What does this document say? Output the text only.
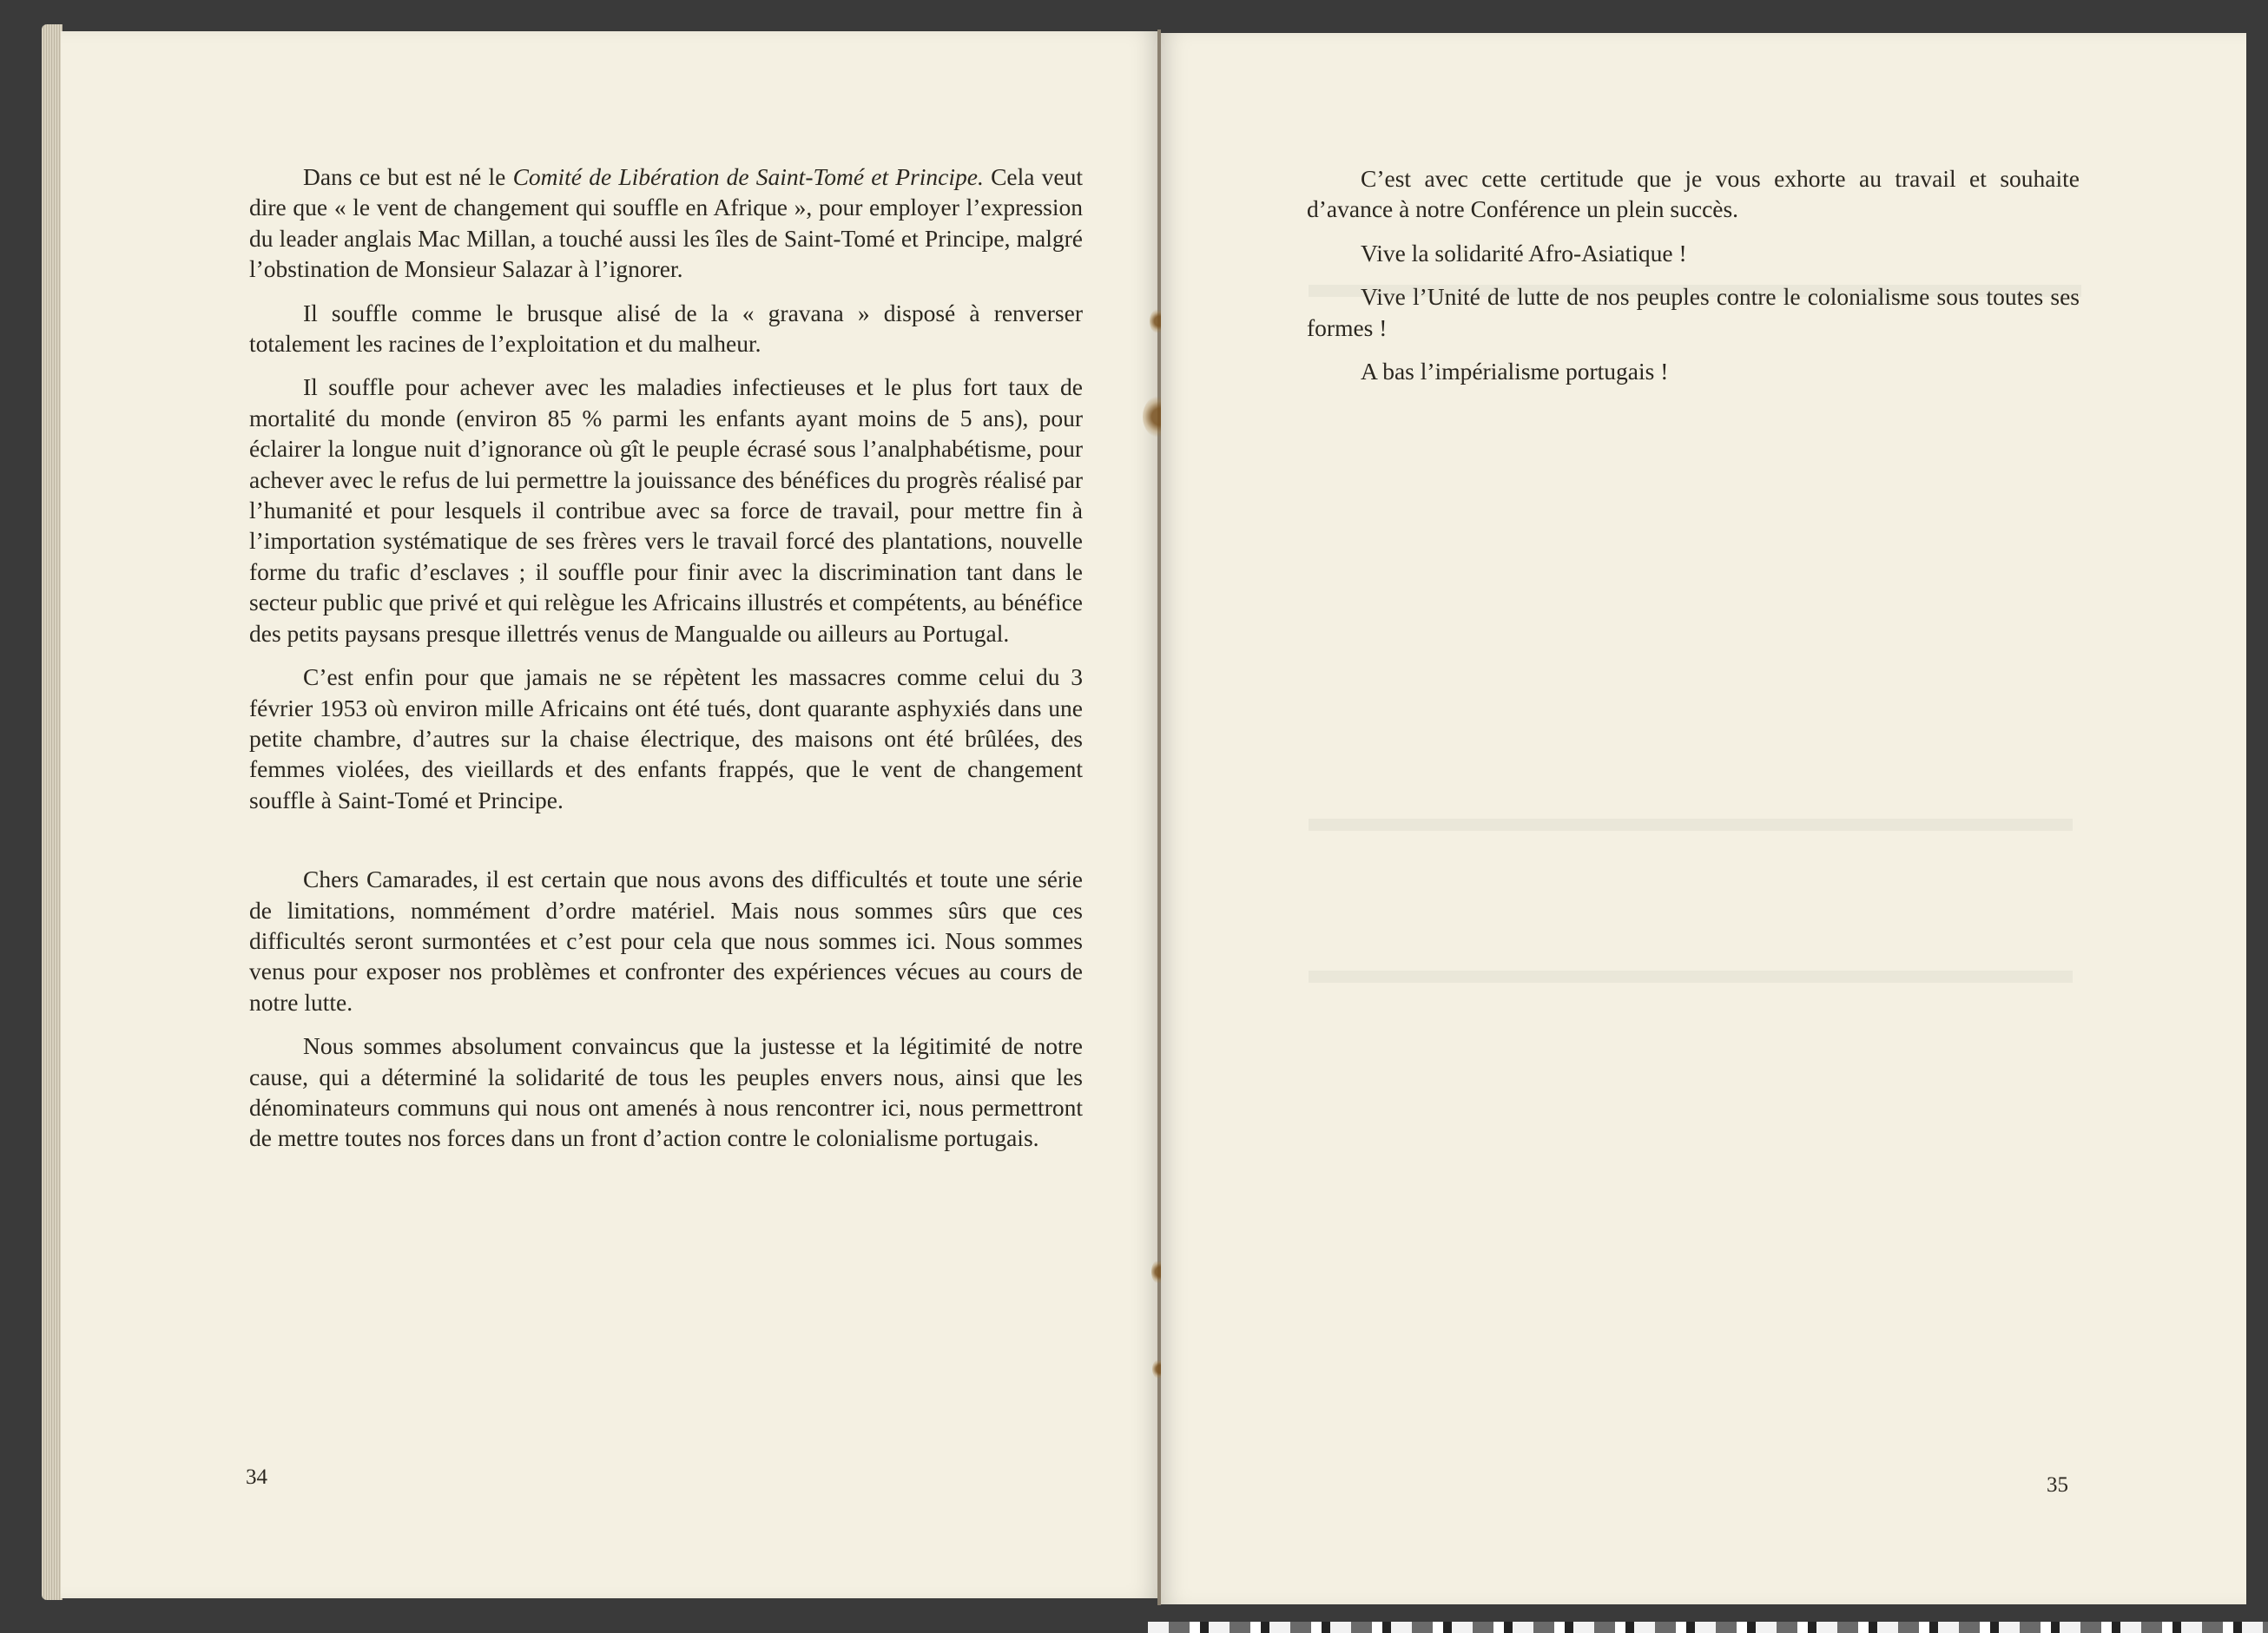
Dans ce but est né le Comité de Libération de Saint-Tomé et Principe. Cela veut dire que « le vent de changement qui souffle en Afrique », pour employer l’expression du leader anglais Mac Millan, a touché aussi les îles de Saint-Tomé et Principe, malgré l’obstination de Monsieur Salazar à l’ignorer.

Il souffle comme le brusque alisé de la « gravana » disposé à renverser totalement les racines de l’exploitation et du malheur.

Il souffle pour achever avec les maladies infectieuses et le plus fort taux de mortalité du monde (environ 85 % parmi les enfants ayant moins de 5 ans), pour éclairer la longue nuit d’ignorance où gît le peuple écrasé sous l’analphabétisme, pour achever avec le refus de lui permettre la jouissance des bénéfices du progrès réalisé par l’humanité et pour lesquels il contribue avec sa force de travail, pour mettre fin à l’importation systématique de ses frères vers le travail forcé des plantations, nouvelle forme du trafic d’esclaves ; il souffle pour finir avec la discrimination tant dans le secteur public que privé et qui relègue les Africains illustrés et compétents, au bénéfice des petits paysans presque illettrés venus de Mangualde ou ailleurs au Portugal.

C’est enfin pour que jamais ne se répètent les massacres comme celui du 3 février 1953 où environ mille Africains ont été tués, dont quarante asphyxiés dans une petite chambre, d’autres sur la chaise électrique, des maisons ont été brûlées, des femmes violées, des vieillards et des enfants frappés, que le vent de changement souffle à Saint-Tomé et Principe.

Chers Camarades, il est certain que nous avons des difficultés et toute une série de limitations, nommément d’ordre matériel. Mais nous sommes sûrs que ces difficultés seront surmontées et c’est pour cela que nous sommes ici. Nous sommes venus pour exposer nos problèmes et confronter des expériences vécues au cours de notre lutte.

Nous sommes absolument convaincus que la justesse et la légitimité de notre cause, qui a déterminé la solidarité de tous les peuples envers nous, ainsi que les dénominateurs communs qui nous ont amenés à nous rencontrer ici, nous permettront de mettre toutes nos forces dans un front d’action contre le colonialisme portugais.

34

C’est avec cette certitude que je vous exhorte au travail et souhaite d’avance à notre Conférence un plein succès.

Vive la solidarité Afro-Asiatique !

Vive l’Unité de lutte de nos peuples contre le colonialisme sous toutes ses formes !

A bas l’impérialisme portugais !

35
